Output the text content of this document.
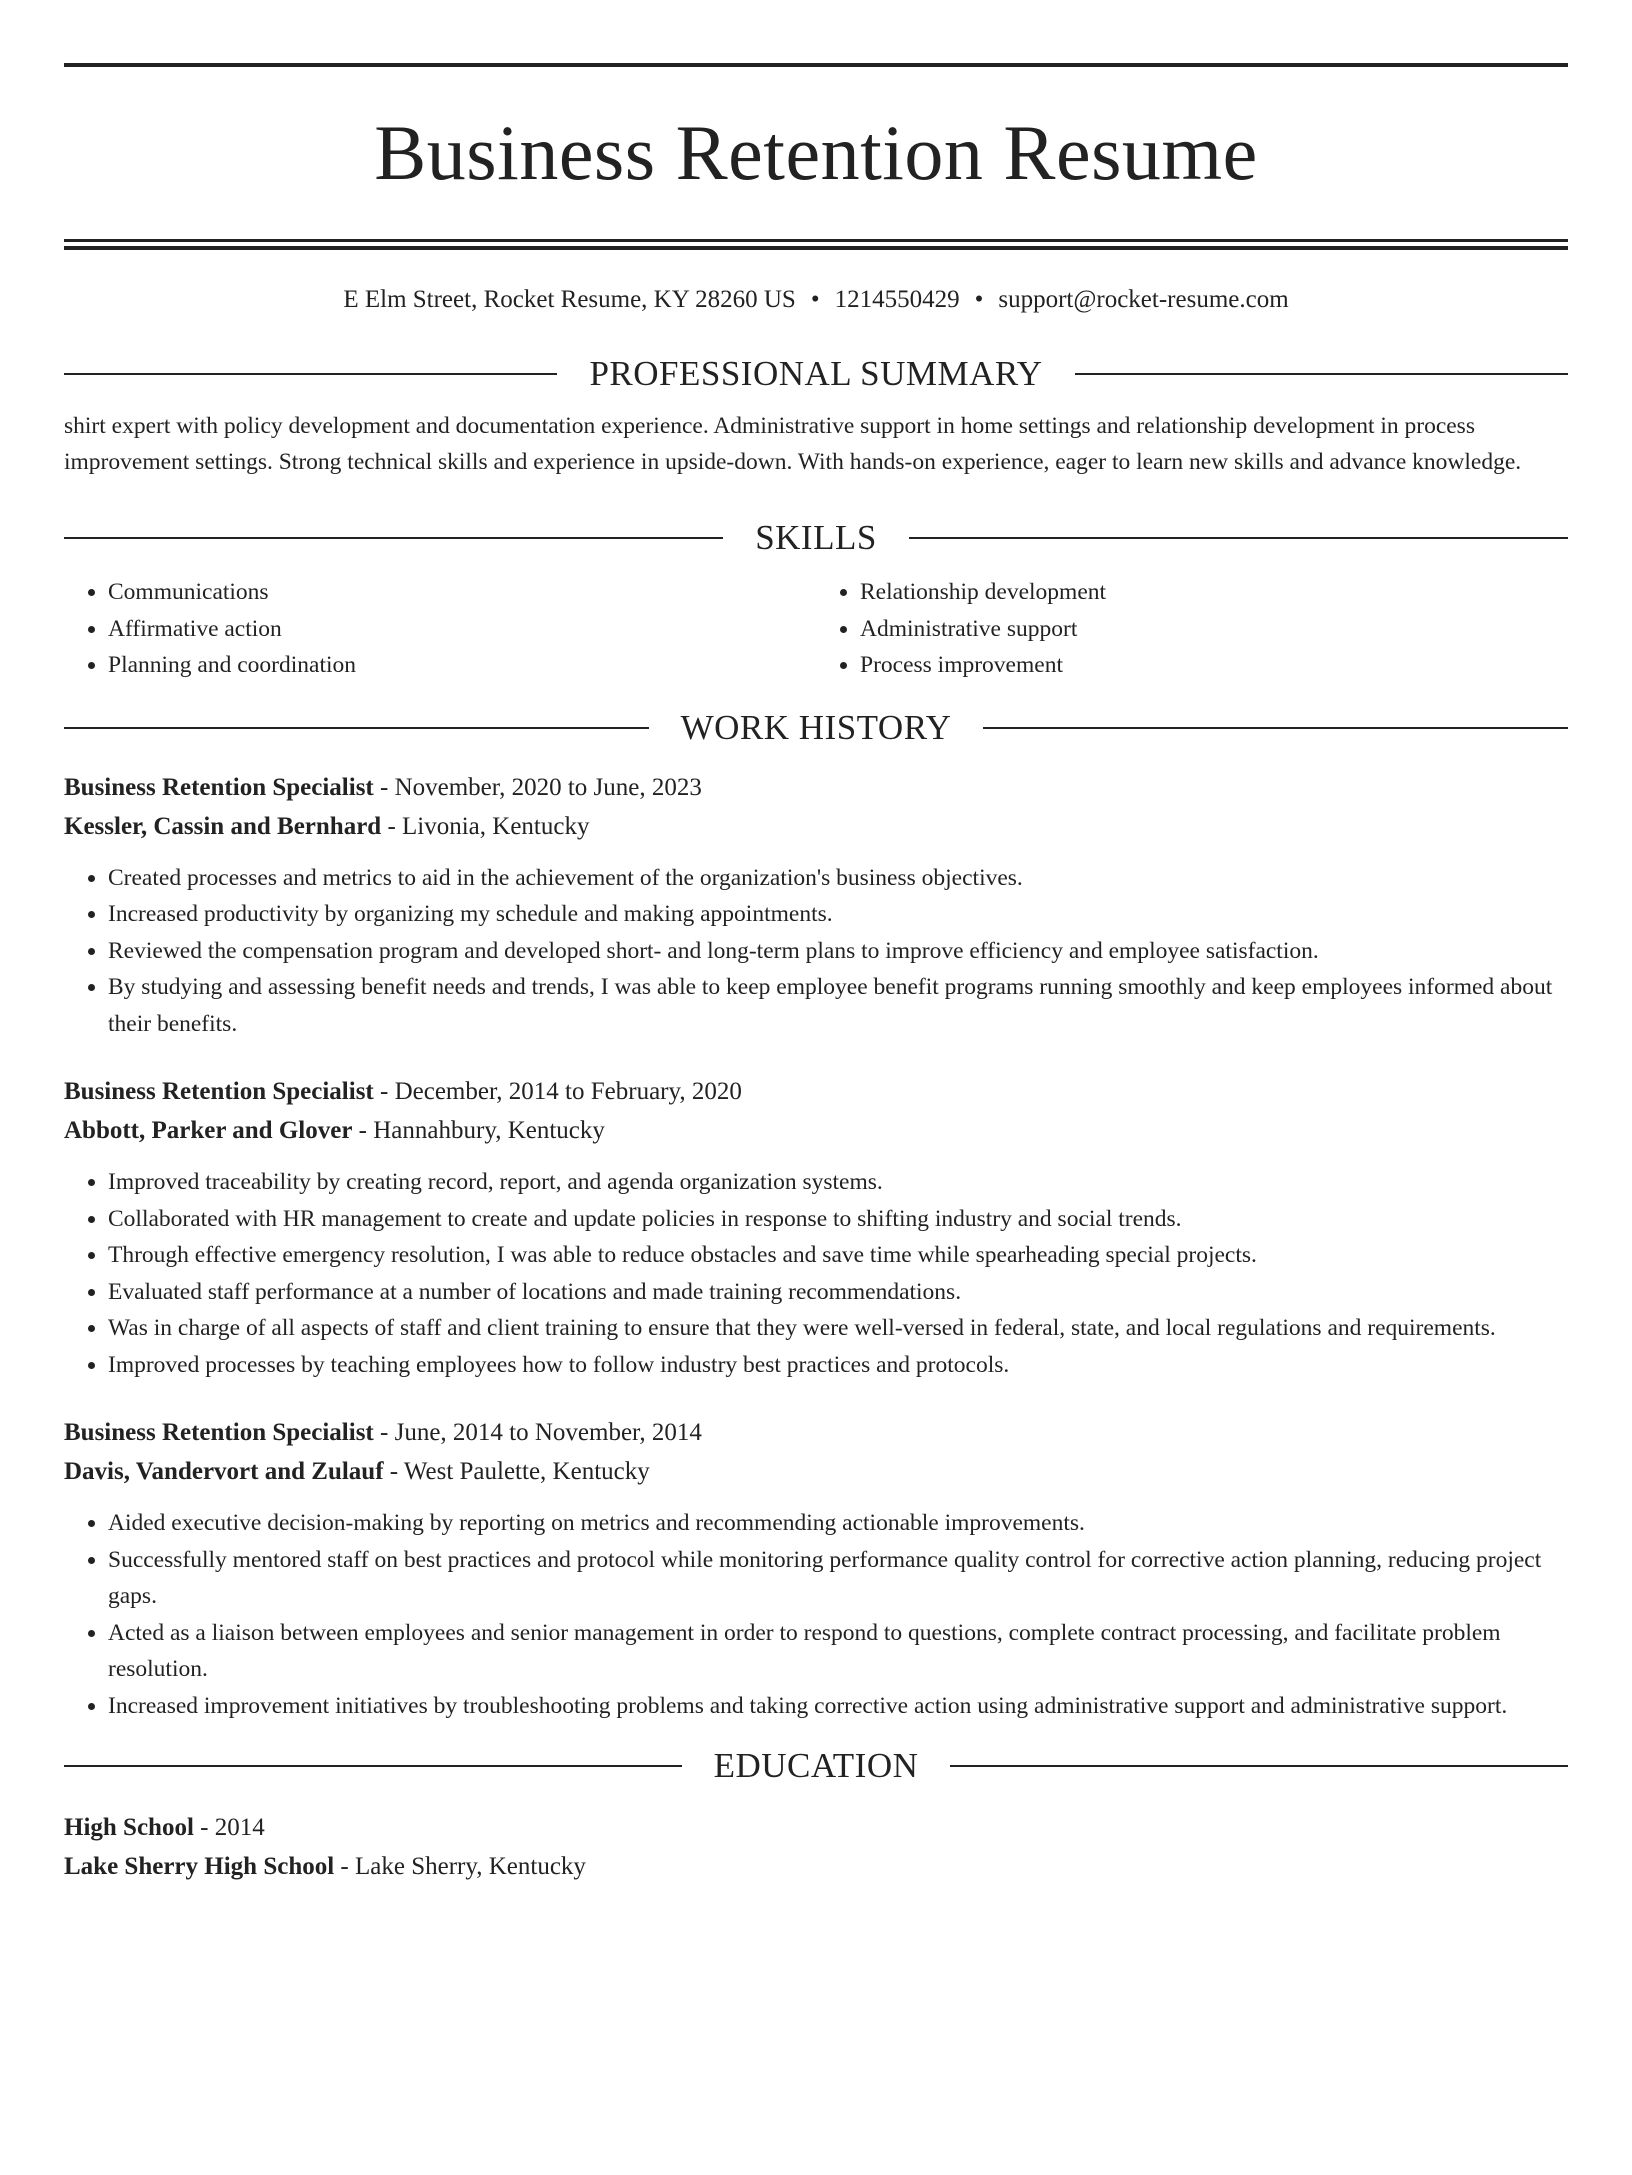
Business Retention Resume
E Elm Street, Rocket Resume, KY 28260 US • 1214550429 • support@rocket-resume.com
PROFESSIONAL SUMMARY
shirt expert with policy development and documentation experience. Administrative support in home settings and relationship development in process improvement settings. Strong technical skills and experience in upside-down. With hands-on experience, eager to learn new skills and advance knowledge.
SKILLS
• Communications
• Affirmative action
• Planning and coordination
• Relationship development
• Administrative support
• Process improvement
WORK HISTORY
Business Retention Specialist - November, 2020 to June, 2023
Kessler, Cassin and Bernhard - Livonia, Kentucky
• Created processes and metrics to aid in the achievement of the organization's business objectives.
• Increased productivity by organizing my schedule and making appointments.
• Reviewed the compensation program and developed short- and long-term plans to improve efficiency and employee satisfaction.
• By studying and assessing benefit needs and trends, I was able to keep employee benefit programs running smoothly and keep employees informed about their benefits.
Business Retention Specialist - December, 2014 to February, 2020
Abbott, Parker and Glover - Hannahbury, Kentucky
• Improved traceability by creating record, report, and agenda organization systems.
• Collaborated with HR management to create and update policies in response to shifting industry and social trends.
• Through effective emergency resolution, I was able to reduce obstacles and save time while spearheading special projects.
• Evaluated staff performance at a number of locations and made training recommendations.
• Was in charge of all aspects of staff and client training to ensure that they were well-versed in federal, state, and local regulations and requirements.
• Improved processes by teaching employees how to follow industry best practices and protocols.
Business Retention Specialist - June, 2014 to November, 2014
Davis, Vandervort and Zulauf - West Paulette, Kentucky
• Aided executive decision-making by reporting on metrics and recommending actionable improvements.
• Successfully mentored staff on best practices and protocol while monitoring performance quality control for corrective action planning, reducing project gaps.
• Acted as a liaison between employees and senior management in order to respond to questions, complete contract processing, and facilitate problem resolution.
• Increased improvement initiatives by troubleshooting problems and taking corrective action using administrative support and administrative support.
EDUCATION
High School - 2014
Lake Sherry High School - Lake Sherry, Kentucky
